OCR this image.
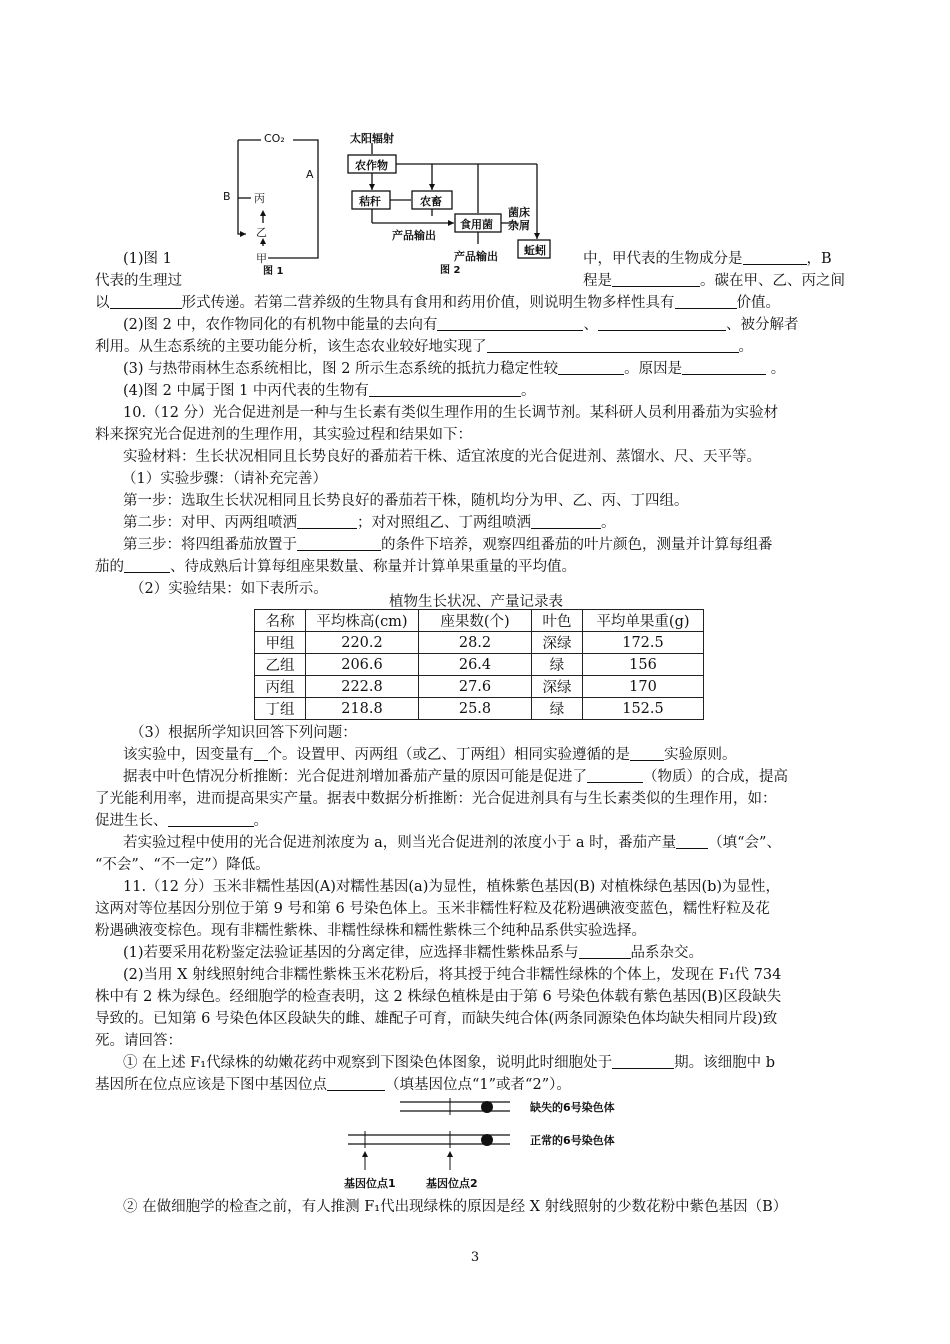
CO₂
A
B 丙
乙
甲
图 1
太阳辐射
农作物
秸秆	农畜
食用菌
菌床
杂屑
产品输出
产品输出 蚯蚓
图 2
(1)图 1	中，甲代表的生物成分是	，B
代表的生理过	程是	。碳在甲、乙、丙之间
以	形式传递。若第二营养级的生物具有食用和药用价值，则说明生物多样性具有	价值。
(2)图 2 中，农作物同化的有机物中能量的去向有	、	、被分解者
利用。从生态系统的主要功能分析，该生态农业较好地实现了	。
(3) 与热带雨林生态系统相比，图 2 所示生态系统的抵抗力稳定性较	。原因是	。
(4)图 2 中属于图 1 中丙代表的生物有	。
10.（12 分）光合促进剂是一种与生长素有类似生理作用的生长调节剂。某科研人员利用番茄为实验材
料来探究光合促进剂的生理作用，其实验过程和结果如下：
实验材料：生长状况相同且长势良好的番茄若干株、适宜浓度的光合促进剂、蒸馏水、尺、天平等。
（1）实验步骤：（请补充完善）
第一步：选取生长状况相同且长势良好的番茄若干株，随机均分为甲、乙、丙、丁四组。
第二步：对甲、丙两组喷洒	；对对照组乙、丁两组喷洒	。
第三步：将四组番茄放置于	的条件下培养，观察四组番茄的叶片颜色，测量并计算每组番
茄的	、待成熟后计算每组座果数量、称量并计算单果重量的平均值。
（2）实验结果：如下表所示。
植物生长状况、产量记录表
名称	平均株高(cm)	座果数(个)	叶色	平均单果重(g)
甲组	220.2	28.2	深绿	172.5
乙组	206.6	26.4	绿	156
丙组	222.8	27.6	深绿	170
丁组	218.8	25.8	绿	152.5
（3）根据所学知识回答下列问题：
该实验中，因变量有 个。设置甲、丙两组（或乙、丁两组）相同实验遵循的是 实验原则。
据表中叶色情况分析推断：光合促进剂增加番茄产量的原因可能是促进了	（物质）的合成，提高
了光能利用率，进而提高果实产量。据表中数据分析推断：光合促进剂具有与生长素类似的生理作用，如：
促进生长、	。
若实验过程中使用的光合促进剂浓度为 a，则当光合促进剂的浓度小于 a 时，番茄产量 （填“会”、
“不会”、“不一定”）降低。
11.（12 分）玉米非糯性基因(A)对糯性基因(a)为显性，植株紫色基因(B) 对植株绿色基因(b)为显性，
这两对等位基因分别位于第 9 号和第 6 号染色体上。玉米非糯性籽粒及花粉遇碘液变蓝色，糯性籽粒及花
粉遇碘液变棕色。现有非糯性紫株、非糯性绿株和糯性紫株三个纯种品系供实验选择。
(1)若要采用花粉鉴定法验证基因的分离定律，应选择非糯性紫株品系与	品系杂交。
(2)当用 X 射线照射纯合非糯性紫株玉米花粉后，将其授于纯合非糯性绿株的个体上，发现在 F₁代 734
株中有 2 株为绿色。经细胞学的检查表明，这 2 株绿色植株是由于第 6 号染色体载有紫色基因(B)区段缺失
导致的。已知第 6 号染色体区段缺失的雌、雄配子可育，而缺失纯合体(两条同源染色体均缺失相同片段)致
死。请回答：
① 在上述 F₁代绿株的幼嫩花药中观察到下图染色体图象，说明此时细胞处于	期。该细胞中 b
基因所在位点应该是下图中基因位点	（填基因位点“1”或者“2”）。
缺失的6号染色体
正常的6号染色体
基因位点1	基因位点2
② 在做细胞学的检查之前，有人推测 F₁代出现绿株的原因是经 X 射线照射的少数花粉中紫色基因（B）
3
